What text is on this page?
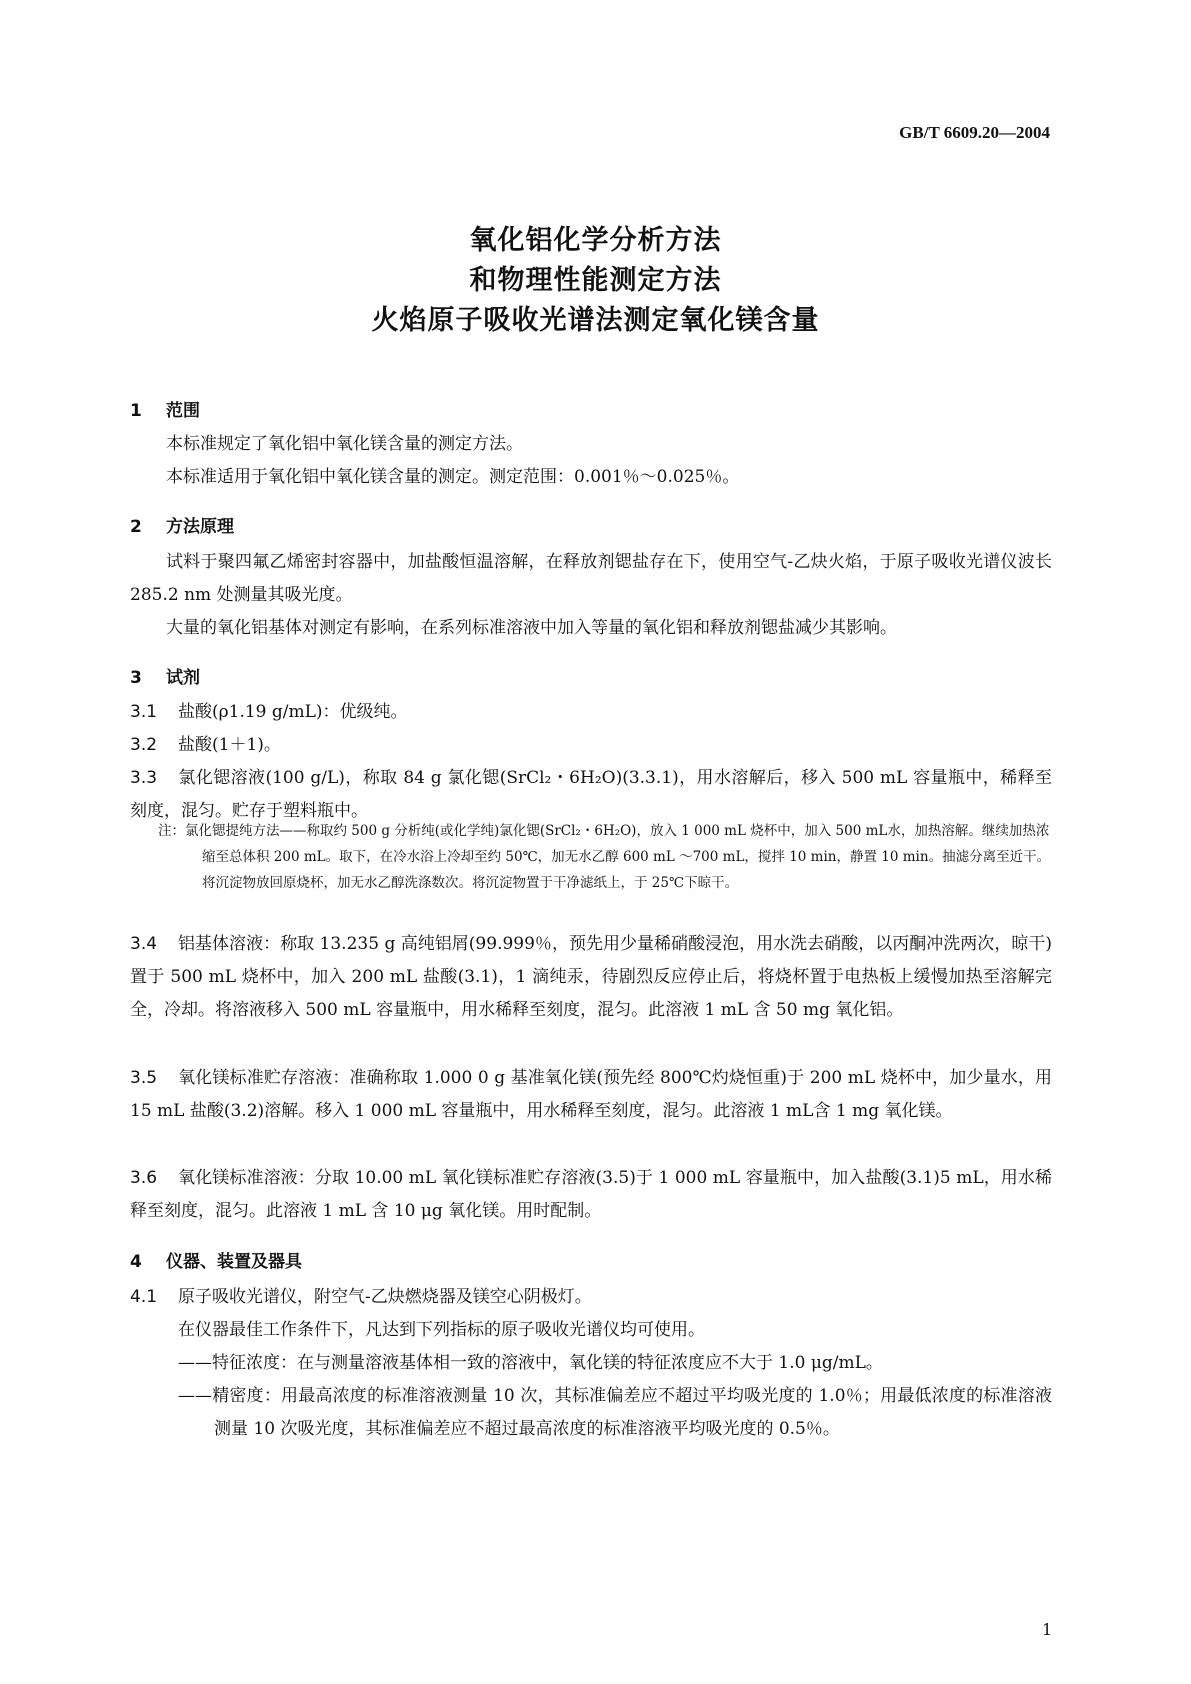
GB/T 6609.20—2004
氧化铝化学分析方法
和物理性能测定方法
火焰原子吸收光谱法测定氧化镁含量
1 范围
本标准规定了氧化铝中氧化镁含量的测定方法。
本标准适用于氧化铝中氧化镁含量的测定。测定范围：0.001％～0.025％。
2 方法原理
试料于聚四氟乙烯密封容器中，加盐酸恒温溶解，在释放剂锶盐存在下，使用空气-乙炔火焰，于原子吸收光谱仪波长 285.2 nm 处测量其吸光度。
大量的氧化铝基体对测定有影响，在系列标准溶液中加入等量的氧化铝和释放剂锶盐减少其影响。
3 试剂
3.1 盐酸(ρ1.19 g/mL)：优级纯。
3.2 盐酸(1＋1)。
3.3 氯化锶溶液(100 g/L)，称取 84 g 氯化锶(SrCl₂・6H₂O)(3.3.1)，用水溶解后，移入 500 mL 容量瓶中，稀释至刻度，混匀。贮存于塑料瓶中。
注：氯化锶提纯方法——称取约 500 g 分析纯(或化学纯)氯化锶(SrCl₂・6H₂O)，放入 1 000 mL 烧杯中，加入 500 mL水，加热溶解。继续加热浓缩至总体积 200 mL。取下，在冷水浴上冷却至约 50℃，加无水乙醇 600 mL ～700 mL，搅拌 10 min，静置 10 min。抽滤分离至近干。将沉淀物放回原烧杯，加无水乙醇洗涤数次。将沉淀物置于干净滤纸上，于 25℃下晾干。
3.4 铝基体溶液：称取 13.235 g 高纯铝屑(99.999％，预先用少量稀硝酸浸泡，用水洗去硝酸，以丙酮冲洗两次，晾干)置于 500 mL 烧杯中，加入 200 mL 盐酸(3.1)，1 滴纯汞，待剧烈反应停止后，将烧杯置于电热板上缓慢加热至溶解完全，冷却。将溶液移入 500 mL 容量瓶中，用水稀释至刻度，混匀。此溶液 1 mL 含 50 mg 氧化铝。
3.5 氧化镁标准贮存溶液：准确称取 1.000 0 g 基准氧化镁(预先经 800℃灼烧恒重)于 200 mL 烧杯中，加少量水，用 15 mL 盐酸(3.2)溶解。移入 1 000 mL 容量瓶中，用水稀释至刻度，混匀。此溶液 1 mL含 1 mg 氧化镁。
3.6 氧化镁标准溶液：分取 10.00 mL 氧化镁标准贮存溶液(3.5)于 1 000 mL 容量瓶中，加入盐酸(3.1)5 mL，用水稀释至刻度，混匀。此溶液 1 mL 含 10 μg 氧化镁。用时配制。
4 仪器、装置及器具
4.1 原子吸收光谱仪，附空气-乙炔燃烧器及镁空心阴极灯。
在仪器最佳工作条件下，凡达到下列指标的原子吸收光谱仪均可使用。
——特征浓度：在与测量溶液基体相一致的溶液中，氧化镁的特征浓度应不大于 1.0 μg/mL。
——精密度：用最高浓度的标准溶液测量 10 次，其标准偏差应不超过平均吸光度的 1.0％；用最低浓度的标准溶液测量 10 次吸光度，其标准偏差应不超过最高浓度的标准溶液平均吸光度的 0.5％。
1
